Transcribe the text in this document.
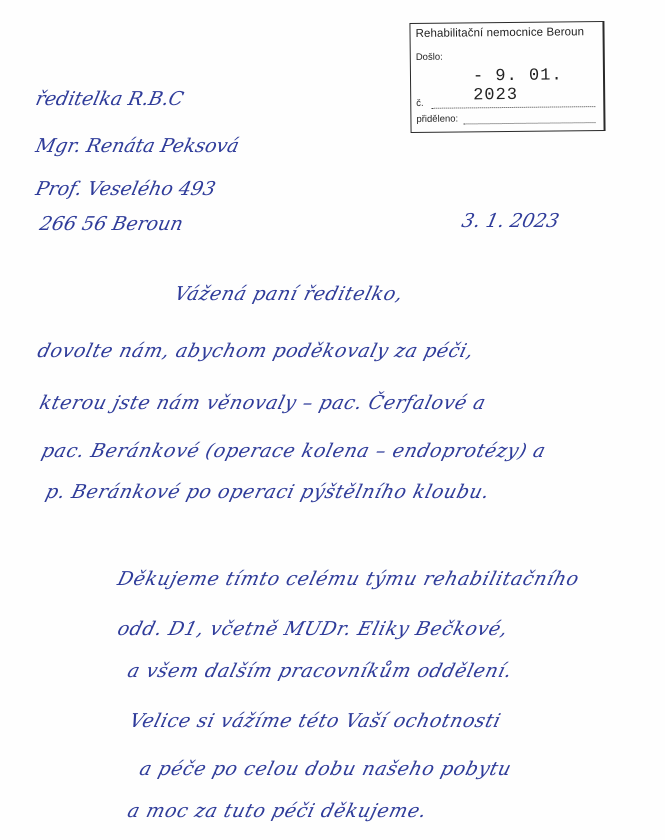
Rehabilitační nemocnice Beroun
Došlo:
- 9. 01. 2023
č.
přiděleno:
ředitelka R.B.C
Mgr. Renáta Peksová
Prof. Veselého 493
266 56 Beroun	3. 1. 2023
Vážená paní ředitelko,
dovolte nám, abychom poděkovaly za péči,
kterou jste nám věnovaly – pac. Čerfalové a
pac. Beránkové (operace kolena – endoprotézy) a
p. Beránkové po operaci pýštělního kloubu.
Děkujeme tímto celému týmu rehabilitačního
odd. D1, včetně MUDr. Eliky Bečkové,
a všem dalším pracovníkům oddělení.
Velice si vážíme této Vaší ochotnosti
a péče po celou dobu našeho pobytu
a moc za tuto péči děkujeme.
